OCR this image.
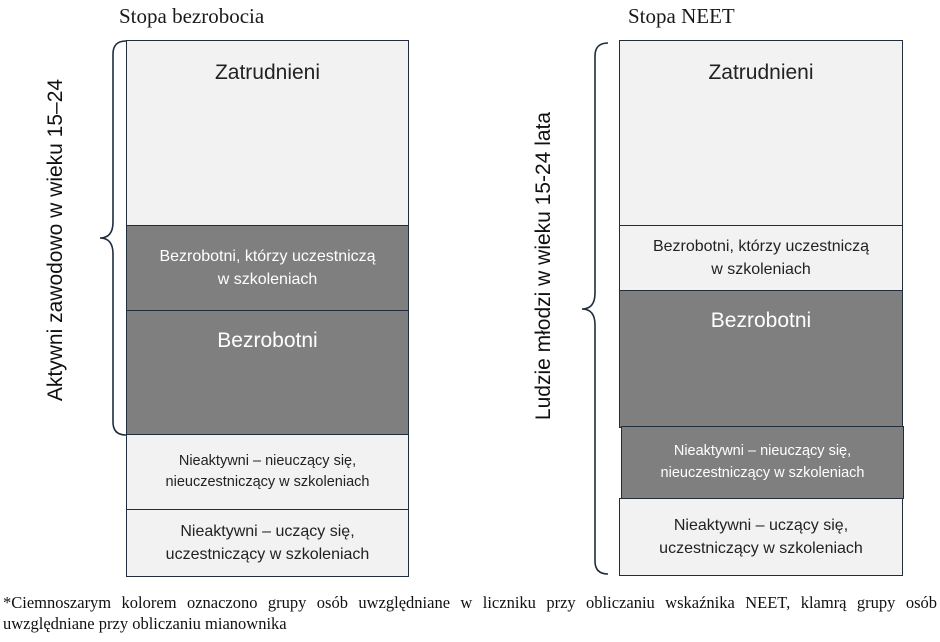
Stopa bezrobocia
Zatrudnieni
Bezrobotni, którzy uczestniczą w szkoleniach
Bezrobotni
Nieaktywni – nieuczący się, nieuczestniczący w szkoleniach
Nieaktywni – uczący się, uczestniczący w szkoleniach
Aktywni zawodowo w wieku 15–24
Stopa NEET
Zatrudnieni
Bezrobotni, którzy uczestniczą w szkoleniach
Bezrobotni
Nieaktywni – nieuczący się, nieuczestniczący w szkoleniach
Nieaktywni – uczący się, uczestniczący w szkoleniach
Ludzie młodzi w wieku 15-24 lata
*Ciemnoszarym kolorem oznaczono grupy osób uwzględniane w liczniku przy obliczaniu wskaźnika NEET, klamrą grupy osób uwzględniane przy obliczaniu mianownika
